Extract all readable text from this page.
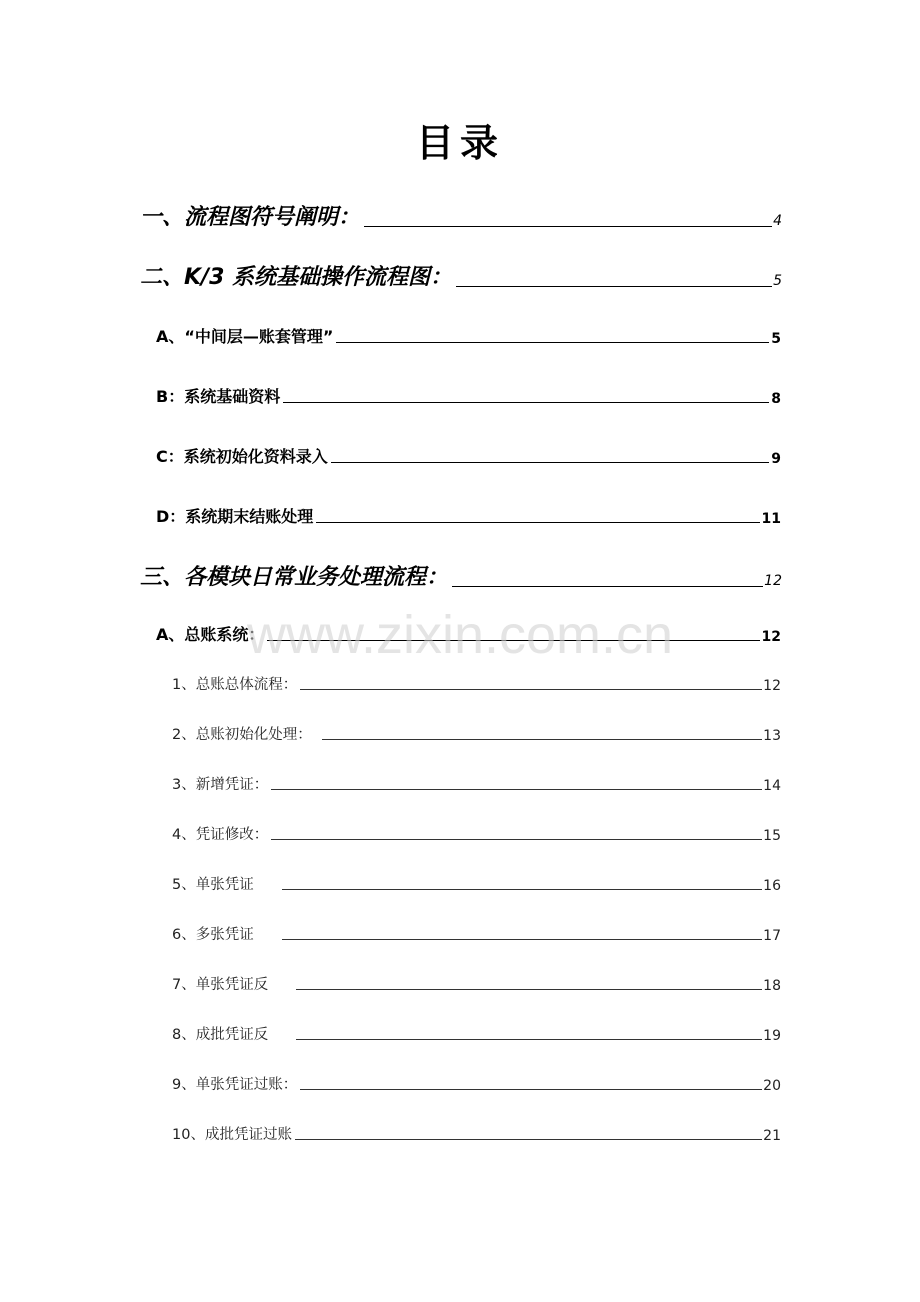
目录
一、流程图符号阐明：	4
二、K/3 系统基础操作流程图：	5
A、“中间层—账套管理”	5
B：系统基础资料	8
C：系统初始化资料录入	9
D：系统期末结账处理	11
三、各模块日常业务处理流程：	12
A、总账系统：	12
1、总账总体流程：	12
2、总账初始化处理：	13
3、新增凭证：	14
4、凭证修改：	15
5、单张凭证	16
6、多张凭证	17
7、单张凭证反	18
8、成批凭证反	19
9、单张凭证过账：	20
10、成批凭证过账	21
www.zixin.com.cn
